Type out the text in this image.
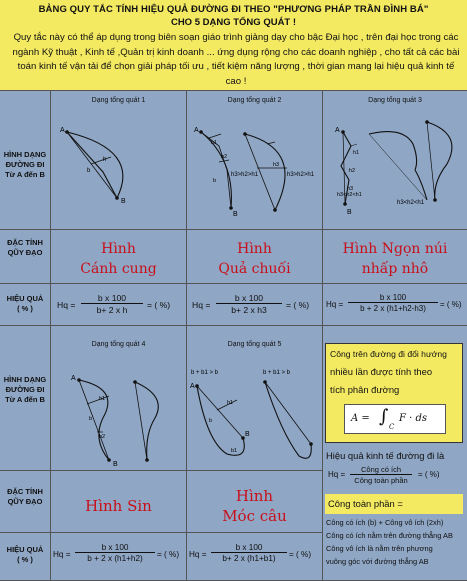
BẢNG QUY TẮC TÍNH HIỆU QUẢ ĐƯỜNG ĐI THEO "PHƯƠNG PHÁP TRẦN ĐÌNH BÁ"
CHO 5 DẠNG TỔNG QUÁT !
Quy tắc này có thể áp dụng trong biên soạn giáo trình giảng dạy cho bậc Đại học , trên đại học trong các ngành Kỹ thuật , Kinh tế ,Quản trị kinh doanh ... ứng dụng rộng cho các doanh nghiệp , cho tất cả các bài toán kinh tế vận tải để chọn giải pháp tối ưu , tiết kiệm năng lượng , thời gian mang lại hiệu quả kinh tế cao !
HÌNH DẠNG
ĐƯỜNG ĐI
Từ A đến B
ĐẶC TÍNH
QŨY ĐẠO
HIỆU QUẢ
( % )
Dạng tổng quát 1	Dạng tổng quát 2	Dạng tổng quát 3
A
B
h
b
A
B
h1
h2
b
h3>h2>h1	h3>h2>h1
h3
A
B
h1
h2
h3
h3<h2<h1
h3<h2<h1
Hình
Cánh cung
Hình
Quả chuối
Hình Ngọn núi
nhấp nhô
$Hq = \frac{\text{b x 100}}{\text{b+ 2 x h}}$ = ( %)	$Hq = \frac{\text{b x 100}}{\text{b+ 2 x h3}}$ = ( %) $Hq = \frac{\text{b x 100}}{b + 2 x (h1+h2-h3)}$ = ( %)
HÌNH DẠNG
ĐƯỜNG ĐI
Từ A đến B
ĐẶC TÍNH
QŨY ĐẠO
HIỆU QUẢ
( % )
Dạng tổng quát 4	Dạng tổng quát 5
A
B
h1
h2
b
b + b1 > b	b + b1 > b
A
B
h1
b1
b
Hình Sin
Hình
Móc câu
$Hq = \frac{\text{b x 100}}{b + 2 x (h1+h2)}$ = ( %) $Hq = \frac{\text{b x 100}}{b+ 2 x (h1+b1)}$ = ( %)
Công trên đường đi đổi hướng
nhiều lần được tính theo
tích phân đường
A = ∫ C
F · ds
Hiệu quả kinh tế đường đi là
Hq =
Công có ích
Công toàn phần
= ( %)
Công toàn phần =
Công có ích (b) + Công vô ích (2xh)
Công có ích nằm trên đường thẳng AB
Công vô ích là nằm trên phương
vuông góc với đường thẳng AB
